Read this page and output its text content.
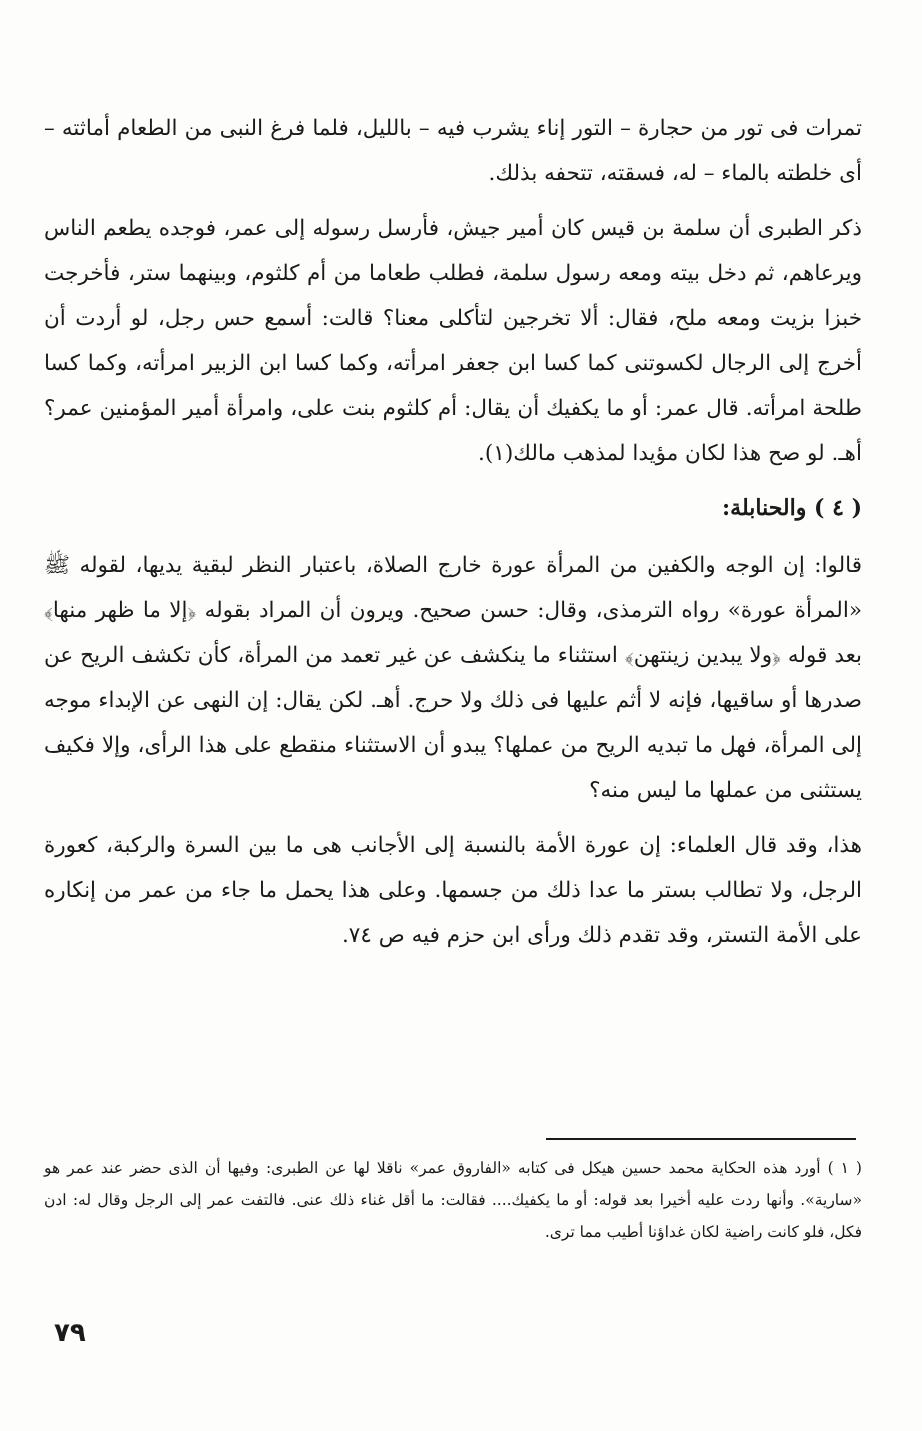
تمرات فى تور من حجارة – التور إناء يشرب فيه – بالليل، فلما فرغ النبى من الطعام أماثته – أى خلطته بالماء – له، فسقته، تتحفه بذلك.

ذكر الطبرى أن سلمة بن قيس كان أمير جيش، فأرسل رسوله إلى عمر، فوجده يطعم الناس ويرعاهم، ثم دخل بيته ومعه رسول سلمة، فطلب طعاما من أم كلثوم، وبينهما ستر، فأخرجت خبزا بزيت ومعه ملح، فقال: ألا تخرجين لتأكلى معنا؟ قالت: أسمع حس رجل، لو أردت أن أخرج إلى الرجال لكسوتنى كما كسا ابن جعفر امرأته، وكما كسا ابن الزبير امرأته، وكما كسا طلحة امرأته. قال عمر: أو ما يكفيك أن يقال: أم كلثوم بنت على، وامرأة أمير المؤمنين عمر؟ أهـ. لو صح هذا لكان مؤيدا لمذهب مالك(١).

( ٤ ) والحنابلة:

قالوا: إن الوجه والكفين من المرأة عورة خارج الصلاة، باعتبار النظر لبقية يديها، لقوله ﷺ «المرأة عورة» رواه الترمذى، وقال: حسن صحيح. ويرون أن المراد بقوله ﴿إلا ما ظهر منها﴾ بعد قوله ﴿ولا يبدين زينتهن﴾ استثناء ما ينكشف عن غير تعمد من المرأة، كأن تكشف الريح عن صدرها أو ساقيها، فإنه لا أثم عليها فى ذلك ولا حرج. أهـ. لكن يقال: إن النهى عن الإبداء موجه إلى المرأة، فهل ما تبديه الريح من عملها؟ يبدو أن الاستثناء منقطع على هذا الرأى، وإلا فكيف يستثنى من عملها ما ليس منه؟

هذا، وقد قال العلماء: إن عورة الأمة بالنسبة إلى الأجانب هى ما بين السرة والركبة، كعورة الرجل، ولا تطالب بستر ما عدا ذلك من جسمها. وعلى هذا يحمل ما جاء من عمر من إنكاره على الأمة التستر، وقد تقدم ذلك ورأى ابن حزم فيه ص ٧٤.

( ١ ) أورد هذه الحكاية محمد حسين هيكل فى كتابه «الفاروق عمر» ناقلا لها عن الطبرى: وفيها أن الذى حضر عند عمر هو «سارية». وأنها ردت عليه أخيرا بعد قوله: أو ما يكفيك.... فقالت: ما أقل غناء ذلك عنى. فالتفت عمر إلى الرجل وقال له: ادن فكل، فلو كانت راضية لكان غداؤنا أطيب مما ترى.
٧٩
